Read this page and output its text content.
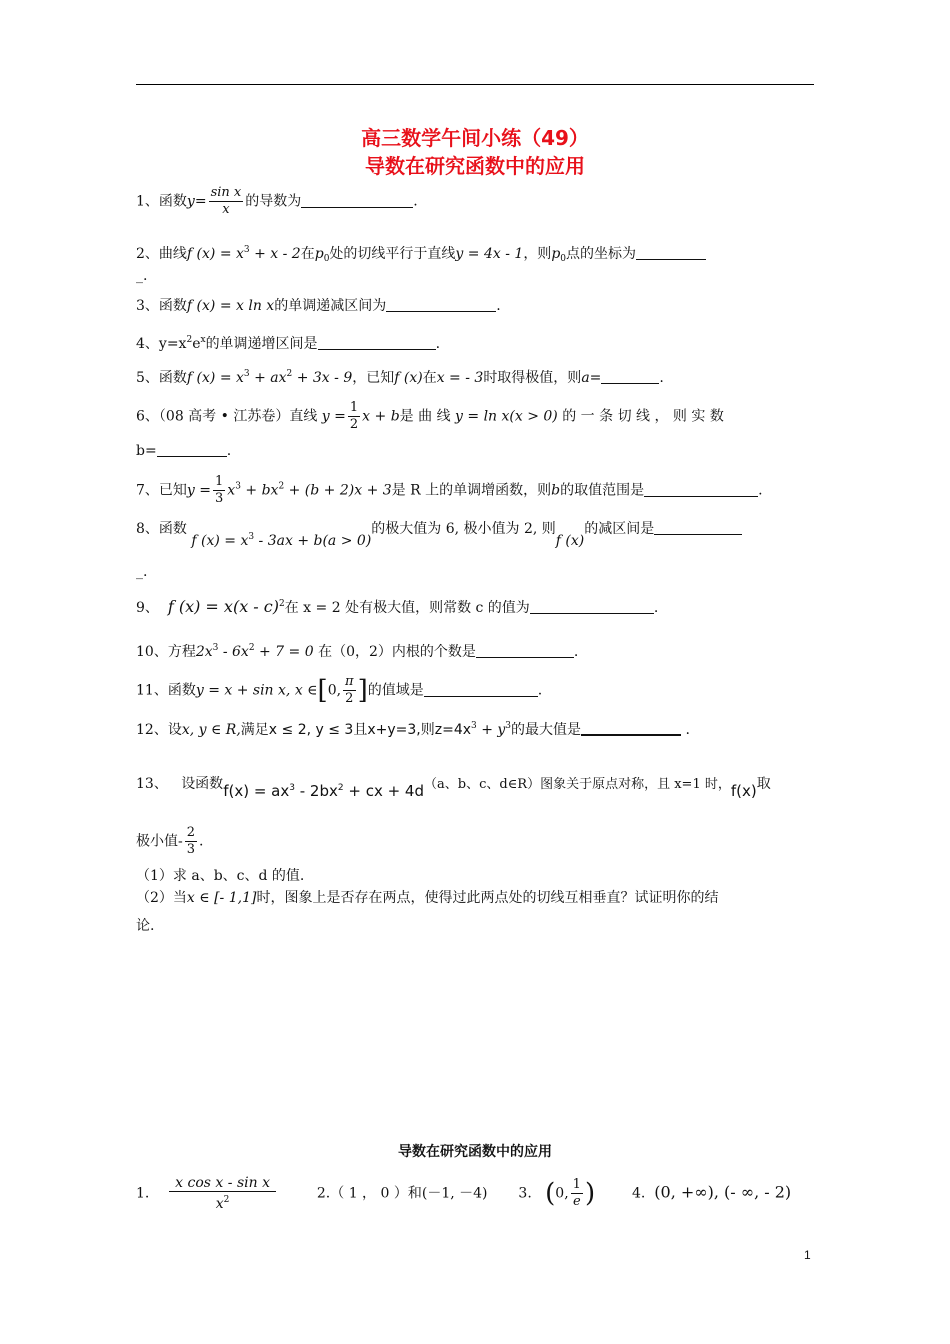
高三数学午间小练（49）
导数在研究函数中的应用
1、函数$y= \frac{\text{sin x}}{x}$ 的导数为	.
2、曲线f $(x) = x^3 + x - 2$在$p_0$处的切线平行于直线y = 4x - 1，则$p_0$点的坐标为
_.
3、函数f (x) = x ln x的单调递减区间为	.
4、$y=x^2e^x$的单调递增区间是	.
5、函数f $(x) = x^3 + ax^2 + 3x - 9$，已知f (x)在x = - 3时取得极值，则a=	.
6、（08 高考 • 江苏卷）直线 $y = \frac{1}{2}$ x + b是 曲 线 y = ln x(x > 0) 的 一 条 切 线 ， 则 实 数
b=	.
7、已知$y = \frac{1}{3} x^3 + bx^2 + (b + 2)x + 3$是 R 上的单调增函数，则b的取值范围是	.
8、函数 f $(x) = x^3 - 3ax + b(a > 0)$的极大值为 6, 极小值为 2, 则f (x)的减区间是
_.
9、 f (x) = x(x - c)$^2$在 x = 2 处有极大值，则常数 c 的值为	.
10、方程$2x^3 - 6x^2 + 7 = 0$ 在（0，2）内根的个数是	.
11、函数y = x + sin x, x ∈[0, $\frac{\pi}{2}$ ]的值域是	.
12、设x, y ∈ R,满足x ≤ 2, y ≤ 3且x+y=3,则$z=4x^3 + y^3$的最大值是	.
13、 设函数$f(x) = ax^3 - 2bx^2$ + cx + 4d（a、b、c、d∈R）图象关于原点对称，且 x=1 时，f(x)取
极小值- $\frac{2}{3}$ .
（1）求 a、b、c、d 的值.
（2）当x ∈ [- 1,1]时，图象上是否存在两点，使得过此两点处的切线互相垂直？试证明你的结
论.
导数在研究函数中的应用
1. $\frac{\text{x cos x - sin x}}{x^2}$	2.（ 1 ， 0 ）和(－1, －4) 3. (0, $\frac{1}{e}$ )	4. (0, +∞), (- ∞, - 2)
1
